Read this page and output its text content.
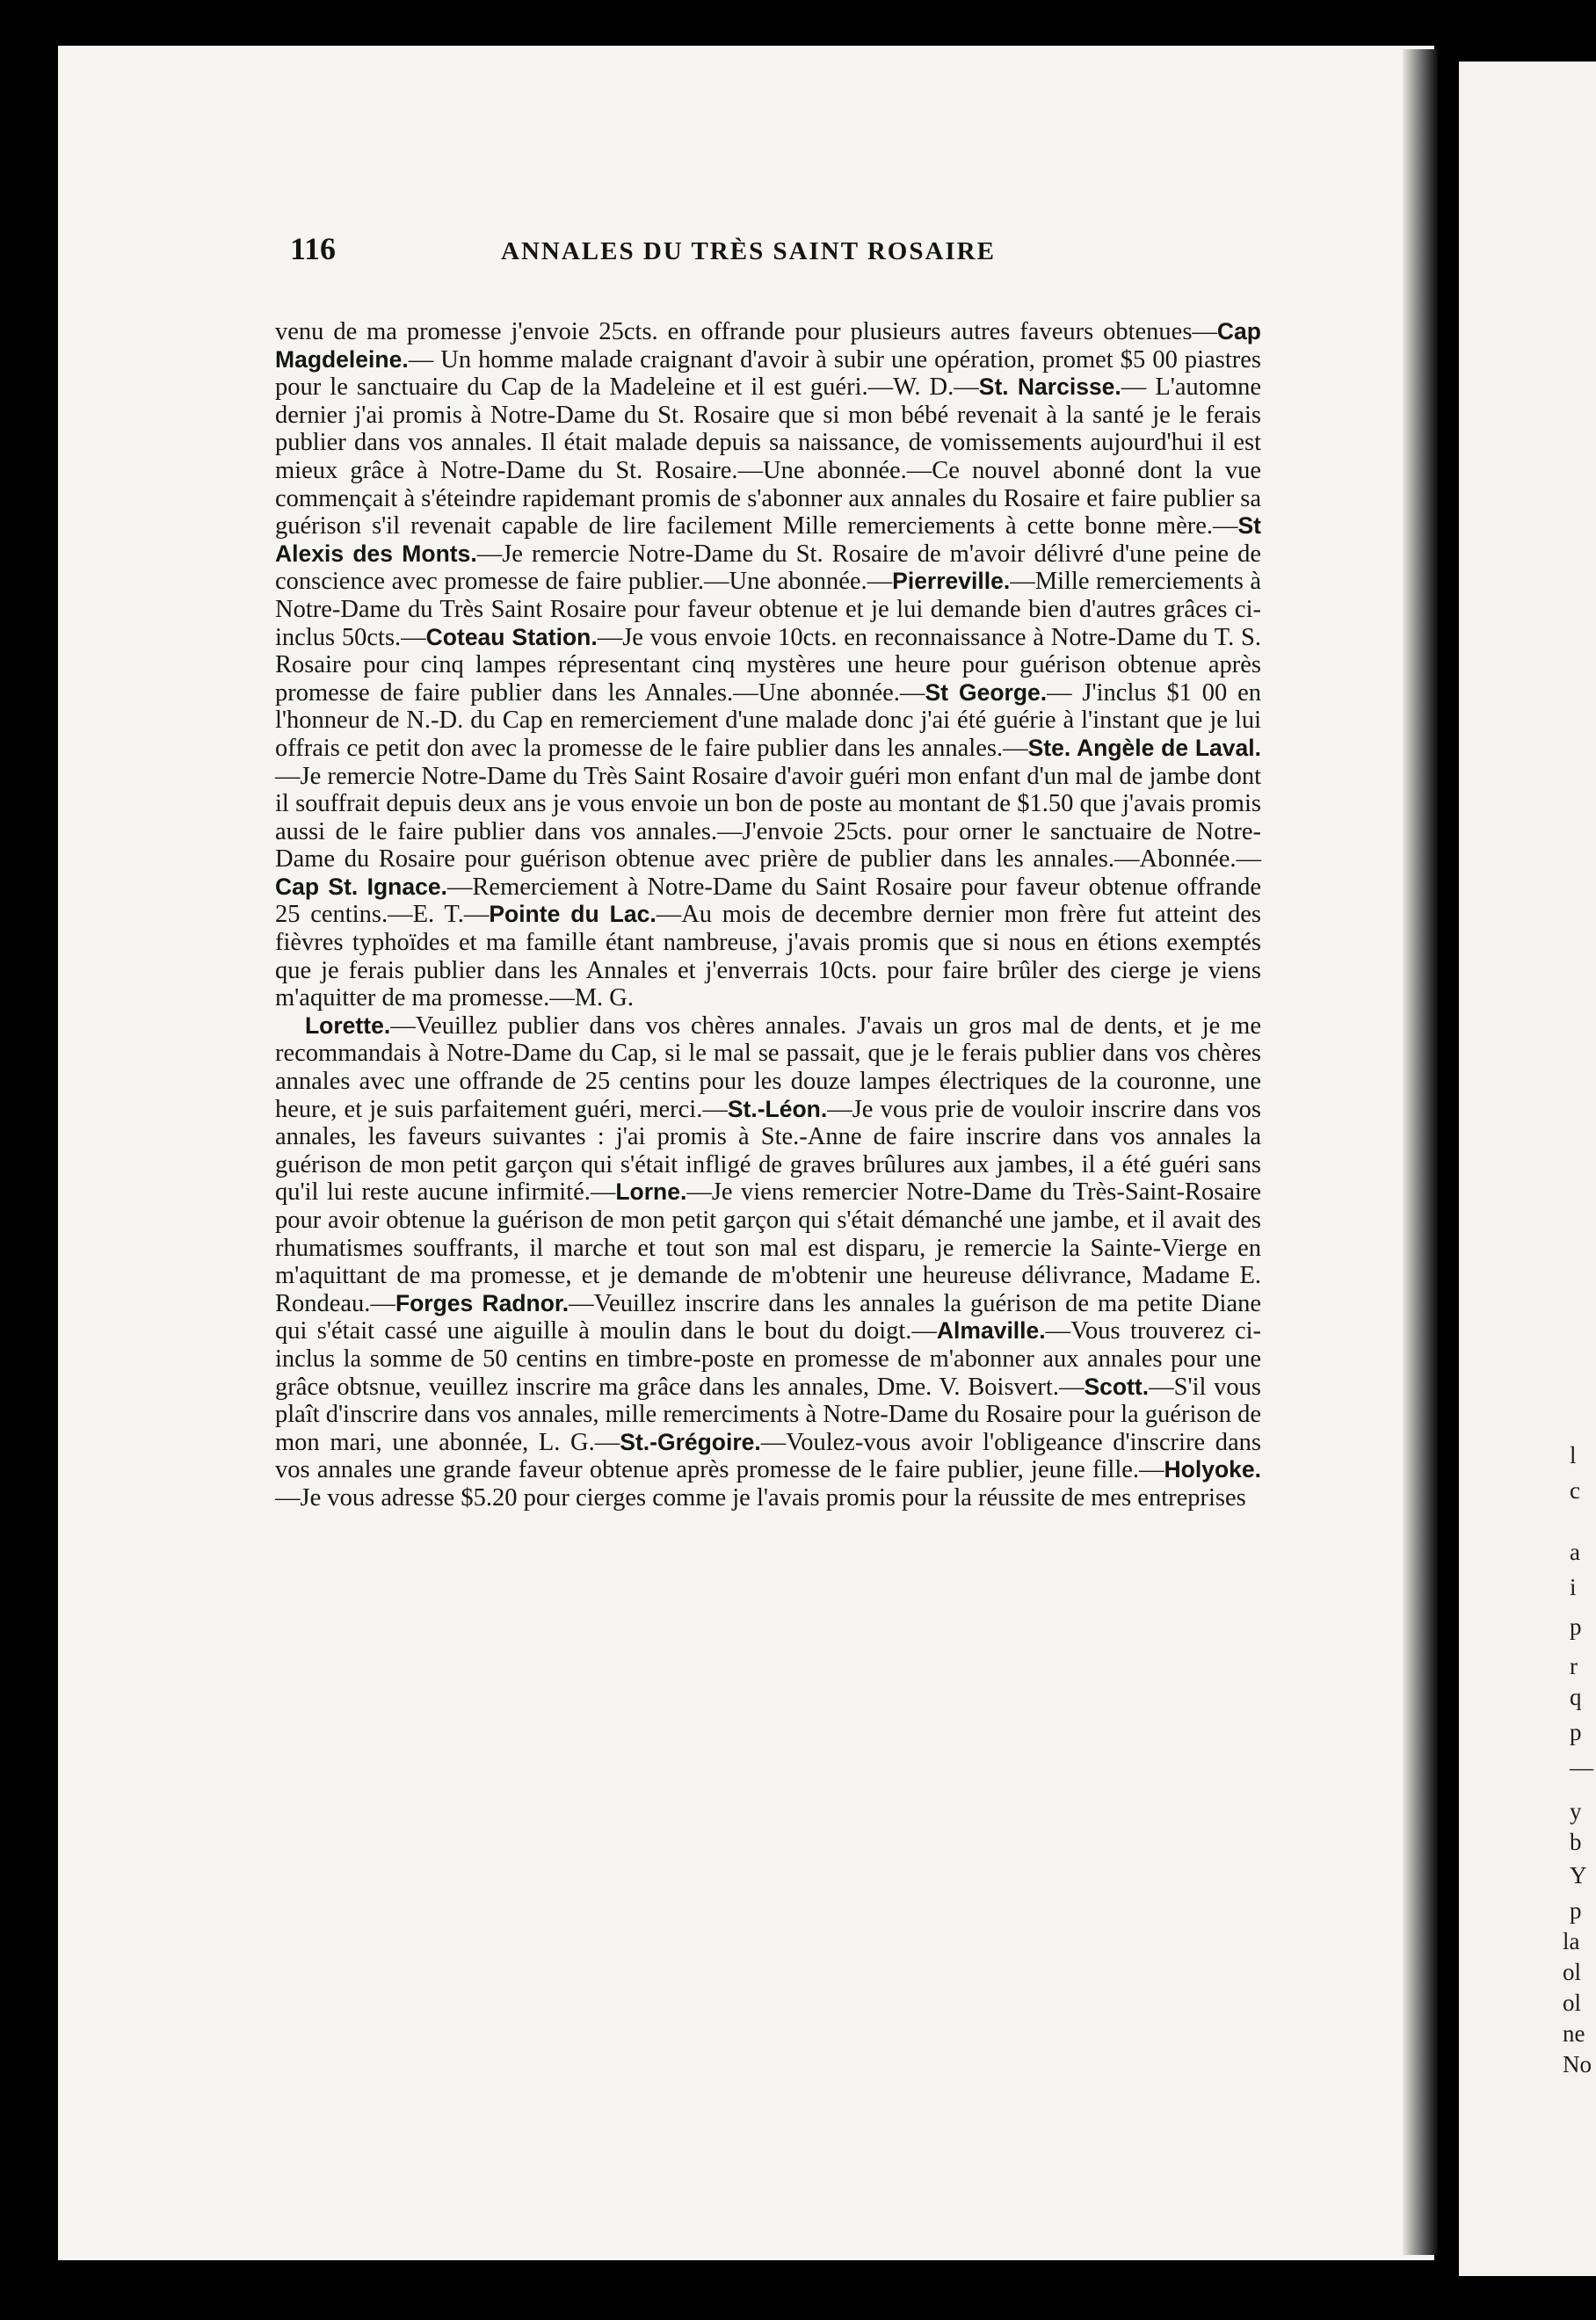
l
c
a
i
p
r
q
p
—
y
b
Y
p
la
ol
ol
ne
No
116	ANNALES DU TRÈS SAINT ROSAIRE

venu de ma promesse j'envoie 25cts. en offrande pour plusieurs autres faveurs obtenues—Cap Magdeleine.— Un homme malade craignant d'avoir à subir une opération, promet $5 00 piastres pour le sanctuaire du Cap de la Madeleine et il est guéri.—W. D.—St. Narcisse.— L'automne dernier j'ai promis à Notre-Dame du St. Rosaire que si mon bébé revenait à la santé je le ferais publier dans vos annales. Il était malade depuis sa naissance, de vomissements aujourd'hui il est mieux grâce à Notre-Dame du St. Rosaire.—Une abonnée.—Ce nouvel abonné dont la vue commençait à s'éteindre rapidemant promis de s'abonner aux annales du Rosaire et faire publier sa guérison s'il revenait capable de lire facilement Mille remerciements à cette bonne mère.—St Alexis des Monts.—Je remercie Notre-Dame du St. Rosaire de m'avoir délivré d'une peine de conscience avec promesse de faire publier.—Une abonnée.—Pierreville.—Mille remerciements à Notre-Dame du Très Saint Rosaire pour faveur obtenue et je lui demande bien d'autres grâces ci-inclus 50cts.—Coteau Station.—Je vous envoie 10cts. en reconnaissance à Notre-Dame du T. S. Rosaire pour cinq lampes répresentant cinq mystères une heure pour guérison obtenue après promesse de faire publier dans les Annales.—Une abonnée.—St George.— J'inclus $1 00 en l'honneur de N.-D. du Cap en remerciement d'une malade donc j'ai été guérie à l'instant que je lui offrais ce petit don avec la promesse de le faire publier dans les annales.—Ste. Angèle de Laval.—Je remercie Notre-Dame du Très Saint Rosaire d'avoir guéri mon enfant d'un mal de jambe dont il souffrait depuis deux ans je vous envoie un bon de poste au montant de $1.50 que j'avais promis aussi de le faire publier dans vos annales.—J'envoie 25cts. pour orner le sanctuaire de Notre-Dame du Rosaire pour guérison obtenue avec prière de publier dans les annales.—Abonnée.—Cap St. Ignace.—Remerciement à Notre-Dame du Saint Rosaire pour faveur obtenue offrande 25 centins.—E. T.—Pointe du Lac.—Au mois de decembre dernier mon frère fut atteint des fièvres typhoïdes et ma famille étant nambreuse, j'avais promis que si nous en étions exemptés que je ferais publier dans les Annales et j'enverrais 10cts. pour faire brûler des cierge je viens m'aquitter de ma promesse.—M. G.

Lorette.—Veuillez publier dans vos chères annales. J'avais un gros mal de dents, et je me recommandais à Notre-Dame du Cap, si le mal se passait, que je le ferais publier dans vos chères annales avec une offrande de 25 centins pour les douze lampes électriques de la couronne, une heure, et je suis parfaitement guéri, merci.—St.-Léon.—Je vous prie de vouloir inscrire dans vos annales, les faveurs suivantes : j'ai promis à Ste.-Anne de faire inscrire dans vos annales la guérison de mon petit garçon qui s'était infligé de graves brûlures aux jambes, il a été guéri sans qu'il lui reste aucune infirmité.—Lorne.—Je viens remercier Notre-Dame du Très-Saint-Rosaire pour avoir obtenue la guérison de mon petit garçon qui s'était démanché une jambe, et il avait des rhumatismes souffrants, il marche et tout son mal est disparu, je remercie la Sainte-Vierge en m'aquittant de ma promesse, et je demande de m'obtenir une heureuse délivrance, Madame E. Rondeau.—Forges Radnor.—Veuillez inscrire dans les annales la guérison de ma petite Diane qui s'était cassé une aiguille à moulin dans le bout du doigt.—Almaville.—Vous trouverez ci-inclus la somme de 50 centins en timbre-poste en promesse de m'abonner aux annales pour une grâce obtsnue, veuillez inscrire ma grâce dans les annales, Dme. V. Boisvert.—Scott.—S'il vous plaît d'inscrire dans vos annales, mille remerciments à Notre-Dame du Rosaire pour la guérison de mon mari, une abonnée, L. G.—St.-Grégoire.—Voulez-vous avoir l'obligeance d'inscrire dans vos annales une grande faveur obtenue après promesse de le faire publier, jeune fille.—Holyoke.—Je vous adresse $5.20 pour cierges comme je l'avais promis pour la réussite de mes entreprises
